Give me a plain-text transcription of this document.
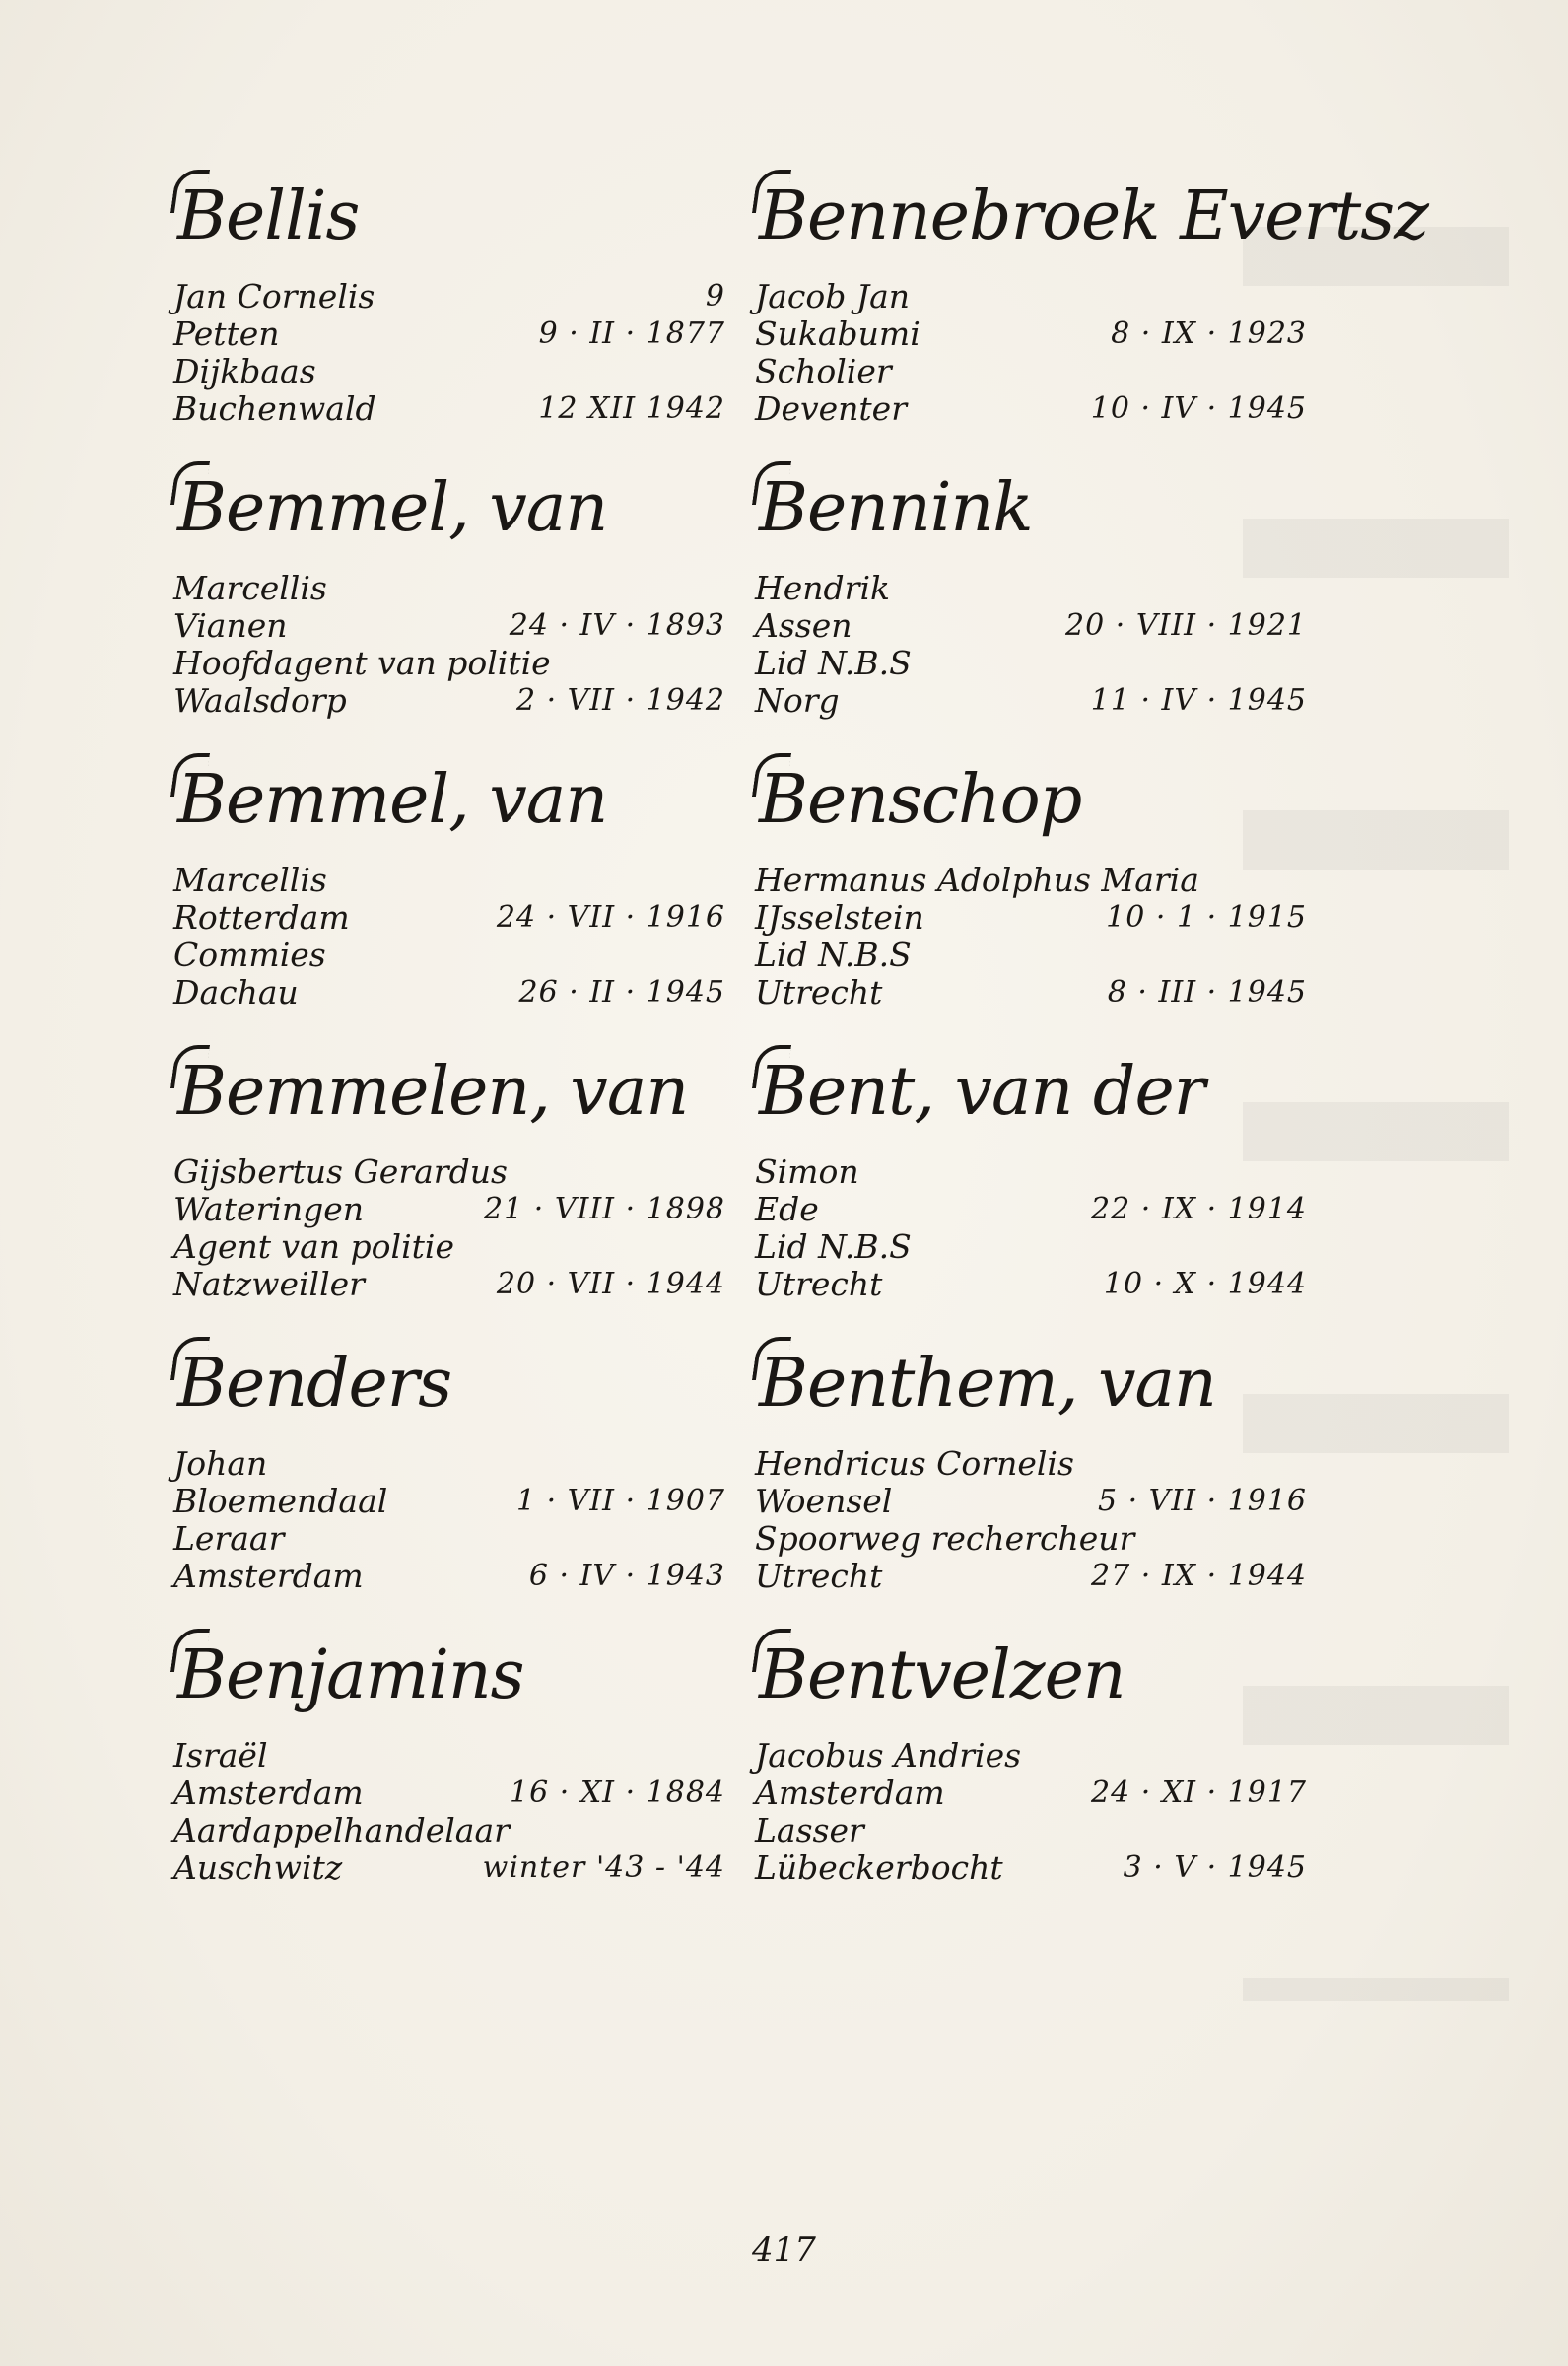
Bellis
Jan Cornelis	9
Petten	9 · II · 1877
Dijkbaas
Buchenwald	12 XII 1942
Bemmel, van
Marcellis
Vianen	24 · IV · 1893
Hoofdagent van politie
Waalsdorp	2 · VII · 1942
Bemmel, van
Marcellis
Rotterdam	24 · VII · 1916
Commies
Dachau	26 · II · 1945
Bemmelen, van
Gijsbertus Gerardus
Wateringen	21 · VIII · 1898
Agent van politie
Natzweiller	20 · VII · 1944
Benders
Johan
Bloemendaal	1 · VII · 1907
Leraar
Amsterdam	6 · IV · 1943
Benjamins
Israël
Amsterdam	16 · XI · 1884
Aardappelhandelaar
Auschwitz	winter '43 - '44
Bennebroek Evertsz
Jacob Jan
Sukabumi	8 · IX · 1923
Scholier
Deventer	10 · IV · 1945
Bennink
Hendrik
Assen	20 · VIII · 1921
Lid N.B.S
Norg	11 · IV · 1945
Benschop
Hermanus Adolphus Maria
IJsselstein	10 · 1 · 1915
Lid N.B.S
Utrecht	8 · III · 1945
Bent, van der
Simon
Ede	22 · IX · 1914
Lid N.B.S
Utrecht	10 · X · 1944
Benthem, van
Hendricus Cornelis
Woensel	5 · VII · 1916
Spoorweg rechercheur
Utrecht	27 · IX · 1944
Bentvelzen
Jacobus Andries
Amsterdam	24 · XI · 1917
Lasser
Lübeckerbocht	3 · V · 1945
417
